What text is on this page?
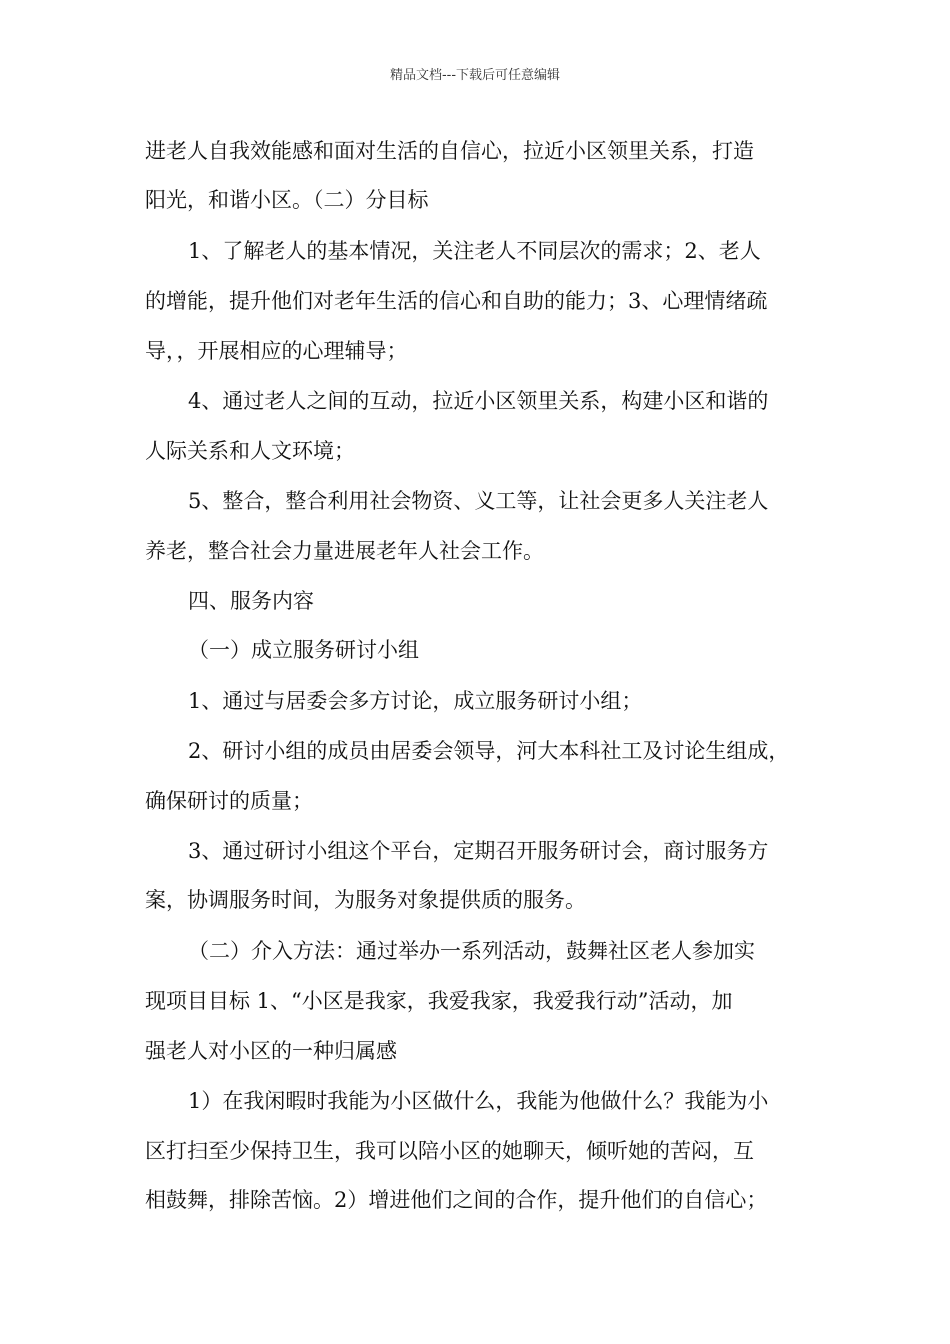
精品文档---下载后可任意编辑
进老人自我效能感和面对生活的自信心，拉近小区领里关系，打造
阳光，和谐小区。（二）分目标
1、了解老人的基本情况，关注老人不同层次的需求；2、老人
的增能，提升他们对老年生活的信心和自助的能力；3、心理情绪疏
导，，开展相应的心理辅导；
4、通过老人之间的互动，拉近小区领里关系，构建小区和谐的
人际关系和人文环境；
5、整合，整合利用社会物资、义工等，让社会更多人关注老人
养老，整合社会力量进展老年人社会工作。
四、服务内容
（一）成立服务研讨小组
1、通过与居委会多方讨论，成立服务研讨小组；
2、研讨小组的成员由居委会领导，河大本科社工及讨论生组成，
确保研讨的质量；
3、通过研讨小组这个平台，定期召开服务研讨会，商讨服务方
案，协调服务时间，为服务对象提供质的服务。
（二）介入方法：通过举办一系列活动，鼓舞社区老人参加实
现项目目标 1、“小区是我家，我爱我家，我爱我行动”活动，加
强老人对小区的一种归属感
1）在我闲暇时我能为小区做什么，我能为他做什么？我能为小
区打扫至少保持卫生，我可以陪小区的她聊天，倾听她的苦闷，互
相鼓舞，排除苦恼。2）增进他们之间的合作，提升他们的自信心；
